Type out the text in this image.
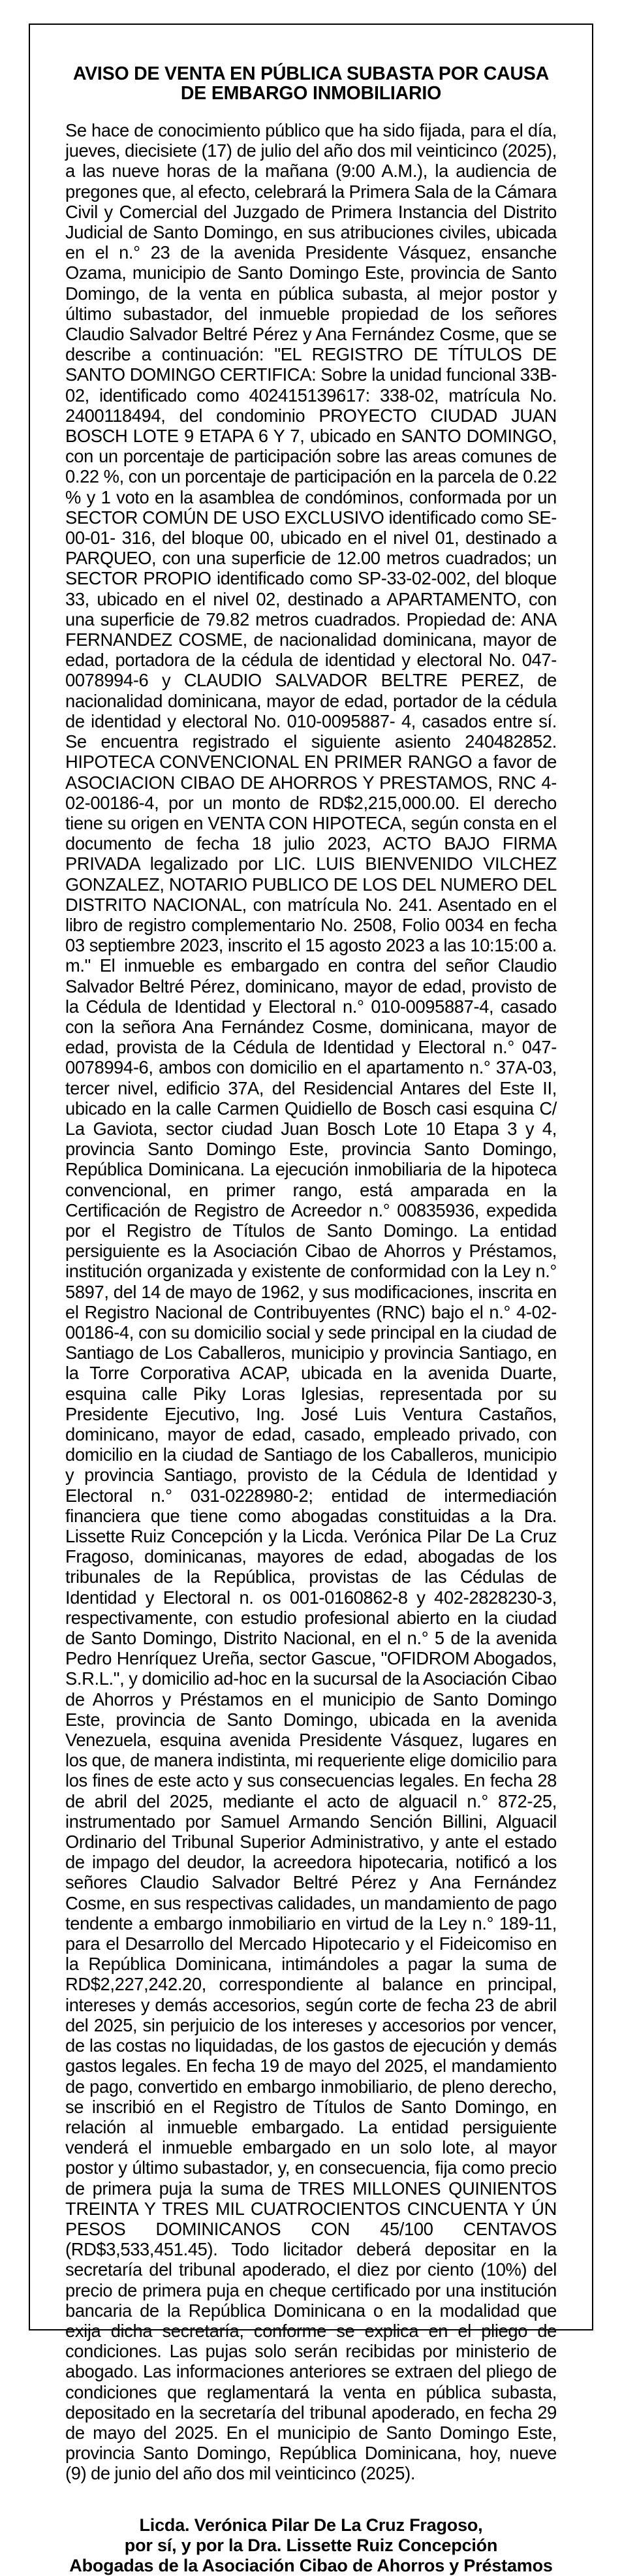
AVISO DE VENTA EN PÚBLICA SUBASTA POR CAUSA
DE EMBARGO INMOBILIARIO

Se hace de conocimiento público que ha sido fijada, para el día, jueves, diecisiete (17) de julio del año dos mil veinticinco (2025), a las nueve horas de la mañana (9:00 A.M.), la audiencia de pregones que, al efecto, celebrará la Primera Sala de la Cámara Civil y Comercial del Juzgado de Primera Instancia del Distrito Judicial de Santo Domingo, en sus atribuciones civiles, ubicada en el n.° 23 de la avenida Presidente Vásquez, ensanche Ozama, municipio de Santo Domingo Este, provincia de Santo Domingo, de la venta en pública subasta, al mejor postor y último subastador, del inmueble propiedad de los señores Claudio Salvador Beltré Pérez y Ana Fernández Cosme, que se describe a continuación: "EL REGISTRO DE TÍTULOS DE SANTO DOMINGO CERTIFICA: Sobre la unidad funcional 33B-02, identificado como 402415139617: 338-02, matrícula No. 2400118494, del condominio PROYECTO CIUDAD JUAN BOSCH LOTE 9 ETAPA 6 Y 7, ubicado en SANTO DOMINGO, con un porcentaje de participación sobre las areas comunes de 0.22 %, con un porcentaje de participación en la parcela de 0.22 % y 1 voto en la asamblea de condóminos, conformada por un SECTOR COMÚN DE USO EXCLUSIVO identificado como SE-00-01- 316, del bloque 00, ubicado en el nivel 01, destinado a PARQUEO, con una superficie de 12.00 metros cuadrados; un SECTOR PROPIO identificado como SP-33-02-002, del bloque 33, ubicado en el nivel 02, destinado a APARTAMENTO, con una superficie de 79.82 metros cuadrados. Propiedad de: ANA FERNANDEZ COSME, de nacionalidad dominicana, mayor de edad, portadora de la cédula de identidad y electoral No. 047-0078994-6 y CLAUDIO SALVADOR BELTRE PEREZ, de nacionalidad dominicana, mayor de edad, portador de la cédula de identidad y electoral No. 010-0095887- 4, casados entre sí. Se encuentra registrado el siguiente asiento 240482852. HIPOTECA CONVENCIONAL EN PRIMER RANGO a favor de ASOCIACION CIBAO DE AHORROS Y PRESTAMOS, RNC 4-02-00186-4, por un monto de RD$2,215,000.00. El derecho tiene su origen en VENTA CON HIPOTECA, según consta en el documento de fecha 18 julio 2023, ACTO BAJO FIRMA PRIVADA legalizado por LIC. LUIS BIENVENIDO VILCHEZ GONZALEZ, NOTARIO PUBLICO DE LOS DEL NUMERO DEL DISTRITO NACIONAL, con matrícula No. 241. Asentado en el libro de registro complementario No. 2508, Folio 0034 en fecha 03 septiembre 2023, inscrito el 15 agosto 2023 a las 10:15:00 a. m." El inmueble es embargado en contra del señor Claudio Salvador Beltré Pérez, dominicano, mayor de edad, provisto de la Cédula de Identidad y Electoral n.° 010-0095887-4, casado con la señora Ana Fernández Cosme, dominicana, mayor de edad, provista de la Cédula de Identidad y Electoral n.° 047-0078994-6, ambos con domicilio en el apartamento n.° 37A-03, tercer nivel, edificio 37A, del Residencial Antares del Este II, ubicado en la calle Carmen Quidiello de Bosch casi esquina C/ La Gaviota, sector ciudad Juan Bosch Lote 10 Etapa 3 y 4, provincia Santo Domingo Este, provincia Santo Domingo, República Dominicana. La ejecución inmobiliaria de la hipoteca convencional, en primer rango, está amparada en la Certificación de Registro de Acreedor n.° 00835936, expedida por el Registro de Títulos de Santo Domingo. La entidad persiguiente es la Asociación Cibao de Ahorros y Préstamos, institución organizada y existente de conformidad con la Ley n.° 5897, del 14 de mayo de 1962, y sus modificaciones, inscrita en el Registro Nacional de Contribuyentes (RNC) bajo el n.° 4-02-00186-4, con su domicilio social y sede principal en la ciudad de Santiago de Los Caballeros, municipio y provincia Santiago, en la Torre Corporativa ACAP, ubicada en la avenida Duarte, esquina calle Piky Loras Iglesias, representada por su Presidente Ejecutivo, Ing. José Luis Ventura Castaños, dominicano, mayor de edad, casado, empleado privado, con domicilio en la ciudad de Santiago de los Caballeros, municipio y provincia Santiago, provisto de la Cédula de Identidad y Electoral n.° 031-0228980-2; entidad de intermediación financiera que tiene como abogadas constituidas a la Dra. Lissette Ruiz Concepción y la Licda. Verónica Pilar De La Cruz Fragoso, dominicanas, mayores de edad, abogadas de los tribunales de la República, provistas de las Cédulas de Identidad y Electoral n. os 001-0160862-8 y 402-2828230-3, respectivamente, con estudio profesional abierto en la ciudad de Santo Domingo, Distrito Nacional, en el n.° 5 de la avenida Pedro Henríquez Ureña, sector Gascue, "OFIDROM Abogados, S.R.L.", y domicilio ad-hoc en la sucursal de la Asociación Cibao de Ahorros y Préstamos en el municipio de Santo Domingo Este, provincia de Santo Domingo, ubicada en la avenida Venezuela, esquina avenida Presidente Vásquez, lugares en los que, de manera indistinta, mi requeriente elige domicilio para los fines de este acto y sus consecuencias legales. En fecha 28 de abril del 2025, mediante el acto de alguacil n.° 872-25, instrumentado por Samuel Armando Sención Billini, Alguacil Ordinario del Tribunal Superior Administrativo, y ante el estado de impago del deudor, la acreedora hipotecaria, notificó a los señores Claudio Salvador Beltré Pérez y Ana Fernández Cosme, en sus respectivas calidades, un mandamiento de pago tendente a embargo inmobiliario en virtud de la Ley n.° 189-11, para el Desarrollo del Mercado Hipotecario y el Fideicomiso en la República Dominicana, intimándoles a pagar la suma de RD$2,227,242.20, correspondiente al balance en principal, intereses y demás accesorios, según corte de fecha 23 de abril del 2025, sin perjuicio de los intereses y accesorios por vencer, de las costas no liquidadas, de los gastos de ejecución y demás gastos legales. En fecha 19 de mayo del 2025, el mandamiento de pago, convertido en embargo inmobiliario, de pleno derecho, se inscribió en el Registro de Títulos de Santo Domingo, en relación al inmueble embargado. La entidad persiguiente venderá el inmueble embargado en un solo lote, al mayor postor y último subastador, y, en consecuencia, fija como precio de primera puja la suma de TRES MILLONES QUINIENTOS TREINTA Y TRES MIL CUATROCIENTOS CINCUENTA Y ÚN PESOS DOMINICANOS CON 45/100 CENTAVOS (RD$3,533,451.45). Todo licitador deberá depositar en la secretaría del tribunal apoderado, el diez por ciento (10%) del precio de primera puja en cheque certificado por una institución bancaria de la República Dominicana o en la modalidad que exija dicha secretaría, conforme se explica en el pliego de condiciones. Las pujas solo serán recibidas por ministerio de abogado. Las informaciones anteriores se extraen del pliego de condiciones que reglamentará la venta en pública subasta, depositado en la secretaría del tribunal apoderado, en fecha 29 de mayo del 2025. En el municipio de Santo Domingo Este, provincia Santo Domingo, República Dominicana, hoy, nueve (9) de junio del año dos mil veinticinco (2025).

Licda. Verónica Pilar De La Cruz Fragoso,
por sí, y por la Dra. Lissette Ruiz Concepción
Abogadas de la Asociación Cibao de Ahorros y Préstamos
